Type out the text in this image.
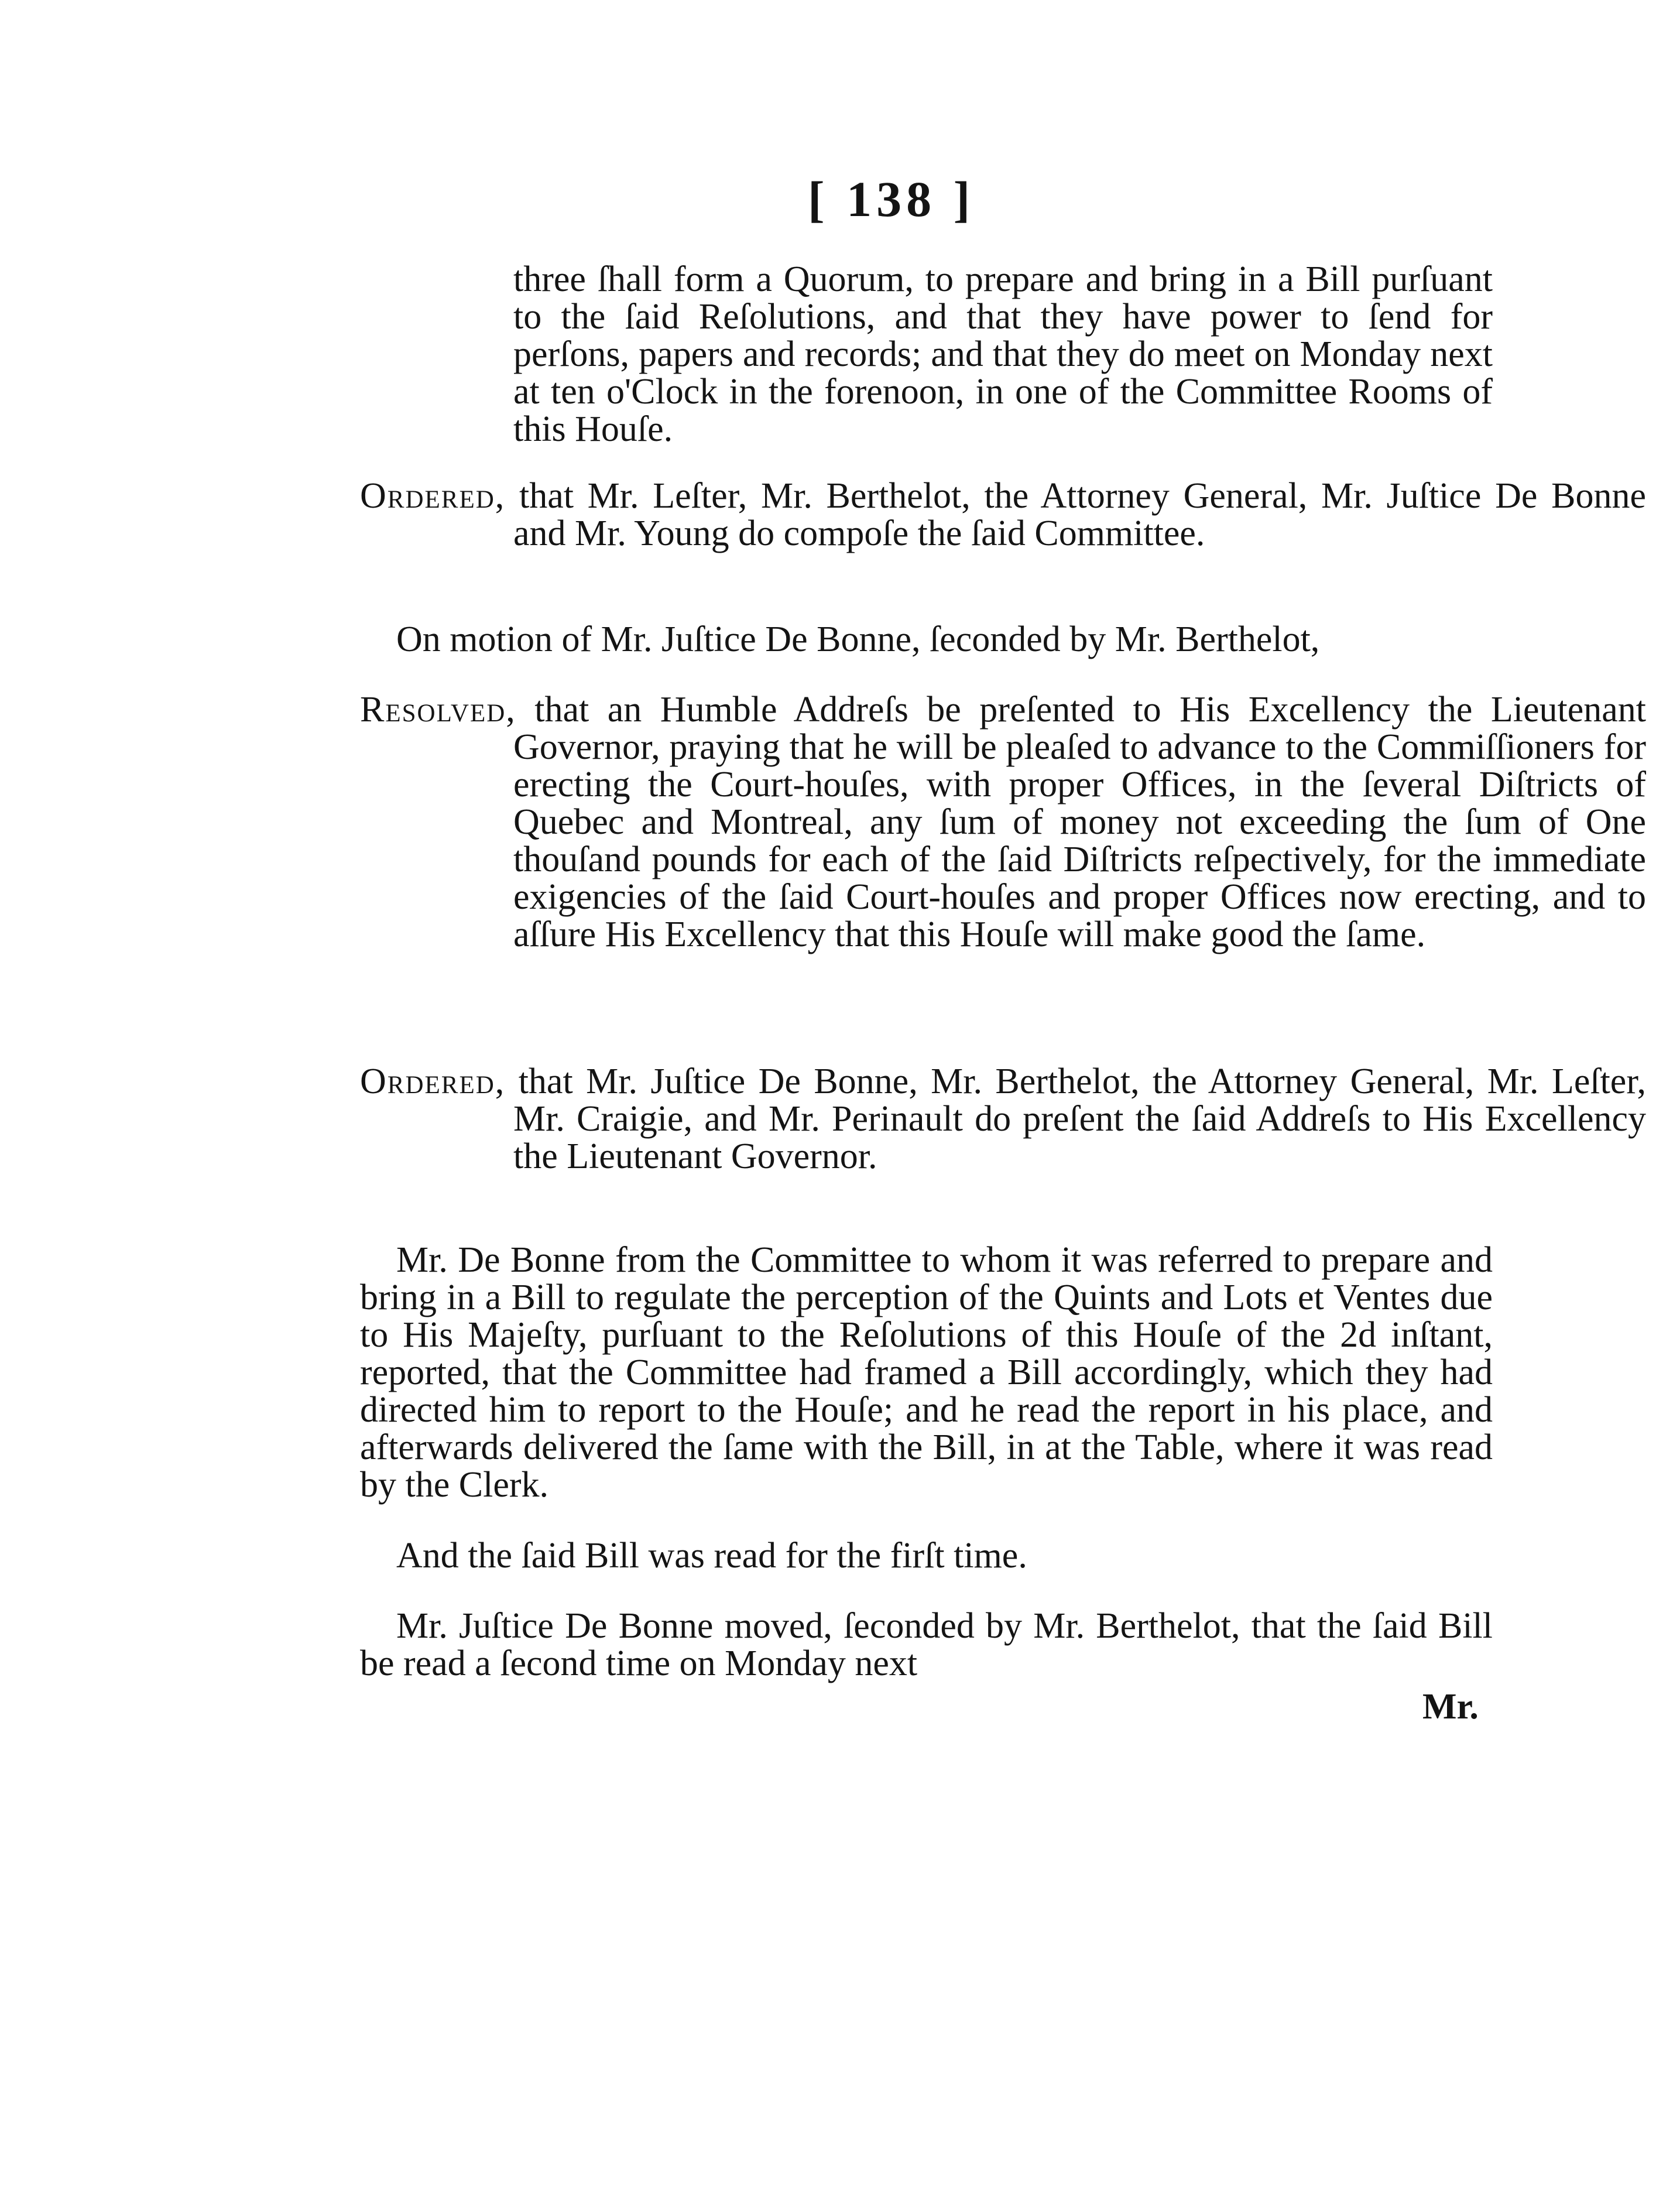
[ 138 ]

three ſhall form a Quorum, to prepare and bring in a Bill purſuant to the ſaid Reſolutions, and that they have power to ſend for perſons, papers and records; and that they do meet on Monday next at ten o'Clock in the forenoon, in one of the Committee Rooms of this Houſe.

Ordered, that Mr. Leſter, Mr. Berthelot, the Attorney General, Mr. Juſtice De Bonne and Mr. Young do compoſe the ſaid Committee.

On motion of Mr. Juſtice De Bonne, ſeconded by Mr. Berthelot,

Resolved, that an Humble Addreſs be preſented to His Excellency the Lieutenant Governor, praying that he will be pleaſed to advance to the Commiſſioners for erecting the Court-houſes, with proper Offices, in the ſeveral Diſtricts of Quebec and Montreal, any ſum of money not exceeding the ſum of One thouſand pounds for each of the ſaid Diſtricts reſpectively, for the immediate exigencies of the ſaid Court-houſes and proper Offices now erecting, and to aſſure His Excellency that this Houſe will make good the ſame.

Ordered, that Mr. Juſtice De Bonne, Mr. Berthelot, the Attorney General, Mr. Leſter, Mr. Craigie, and Mr. Perinault do preſent the ſaid Addreſs to His Excellency the Lieutenant Governor.

Mr. De Bonne from the Committee to whom it was referred to prepare and bring in a Bill to regulate the perception of the Quints and Lots et Ventes due to His Majeſty, purſuant to the Reſolutions of this Houſe of the 2d inſtant, reported, that the Committee had framed a Bill accordingly, which they had directed him to report to the Houſe; and he read the report in his place, and afterwards delivered the ſame with the Bill, in at the Table, where it was read by the Clerk.

And the ſaid Bill was read for the firſt time.

Mr. Juſtice De Bonne moved, ſeconded by Mr. Berthelot, that the ſaid Bill be read a ſecond time on Monday next

Mr.
